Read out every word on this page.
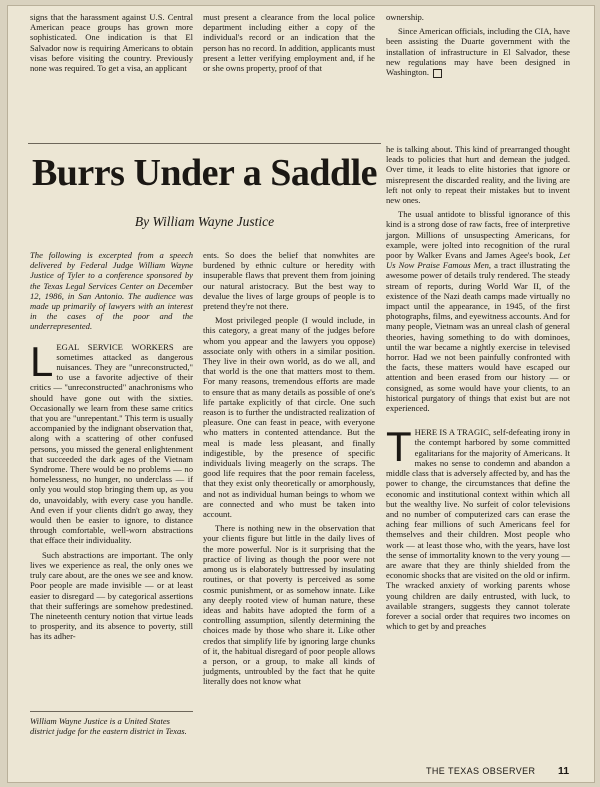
signs that the harassment against U.S. Central American peace groups has grown more sophisticated. One indication is that El Salvador now is requiring Americans to obtain visas before visiting the country. Previously none was required. To get a visa, an applicant

must present a clearance from the local police department including either a copy of the individual's record or an indication that the person has no record. In addition, applicants must present a letter verifying employment and, if he or she owns property, proof of that

ownership.

Since American officials, including the CIA, have been assisting the Duarte government with the installation of infrastructure in El Salvador, these new regulations may have been designed in Washington.

Burrs Under a Saddle
By William Wayne Justice

The following is excerpted from a speech delivered by Federal Judge William Wayne Justice of Tyler to a conference sponsored by the Texas Legal Services Center on December 12, 1986, in San Antonio. The audience was made up primarily of lawyers with an interest in the cases of the poor and the underrepresented.

LEGAL SERVICE WORKERS are sometimes attacked as dangerous nuisances. They are "unreconstructed," to use a favorite adjective of their critics — "unreconstructed" anachronisms who should have gone out with the sixties. Occasionally we learn from these same critics that you are "unrepentant." This term is usually accompanied by the indignant observation that, along with a scattering of other confused persons, you missed the general enlightenment that succeeded the dark ages of the Vietnam Syndrome. There would be no problems — no homelessness, no hunger, no underclass — if only you would stop bringing them up, as you do, unavoidably, with every case you handle. And even if your clients didn't go away, they would then be easier to ignore, to distance through comfortable, well-worn abstractions that efface their individuality.

Such abstractions are important. The only lives we experience as real, the only ones we truly care about, are the ones we see and know. Poor people are made invisible — or at least easier to disregard — by categorical assertions that their sufferings are somehow predestined. The nineteenth century notion that virtue leads to prosperity, and its absence to poverty, still has its adher-

ents. So does the belief that nonwhites are burdened by ethnic culture or heredity with insuperable flaws that prevent them from joining our natural aristocracy. But the best way to devalue the lives of large groups of people is to pretend they're not there.

Most privileged people (I would include, in this category, a great many of the judges before whom you appear and the lawyers you oppose) associate only with others in a similar position. They live in their own world, as do we all, and that world is the one that matters most to them. For many reasons, tremendous efforts are made to ensure that as many details as possible of one's life partake explicitly of that circle. One such reason is to further the undistracted realization of pleasure. One can feast in peace, with everyone who matters in contented attendance. But the meal is made less pleasant, and finally indigestible, by the presence of specific individuals living meagerly on the scraps. The good life requires that the poor remain faceless, that they exist only theoretically or amorphously, and not as individual human beings to whom we are connected and who must be taken into account.

There is nothing new in the observation that your clients figure but little in the daily lives of the more powerful. Nor is it surprising that the practice of living as though the poor were not among us is elaborately buttressed by insulating routines, or that poverty is perceived as some cosmic punishment, or as somehow innate. Like any deeply rooted view of human nature, these ideas and habits have adopted the form of a controlling assumption, silently determining the choices made by those who share it. Like other credos that simplify life by ignoring large chunks of it, the habitual disregard of poor people allows a person, or a group, to make all kinds of judgments, untroubled by the fact that he quite literally does not know what

he is talking about. This kind of prearranged thought leads to policies that hurt and demean the judged. Over time, it leads to elite histories that ignore or misrepresent the discarded reality, and the living are left not only to repeat their mistakes but to invent new ones.

The usual antidote to blissful ignorance of this kind is a strong dose of raw facts, free of interpretive jargon. Millions of unsuspecting Americans, for example, were jolted into recognition of the rural poor by Walker Evans and James Agee's book, Let Us Now Praise Famous Men, a tract illustrating the awesome power of details truly rendered. The steady stream of reports, during World War II, of the existence of the Nazi death camps made virtually no impact until the appearance, in 1945, of the first photographs, films, and eyewitness accounts. And for many people, Vietnam was an unreal clash of general theories, having something to do with dominoes, until the war became a nightly exercise in televised horror. Had we not been painfully confronted with the facts, these matters would have escaped our attention and been erased from our history — or consigned, as some would have your clients, to an historical purgatory of things that exist but are not experienced.

THERE IS A TRAGIC, self-defeating irony in the contempt harbored by some committed egalitarians for the majority of Americans. It makes no sense to condemn and abandon a middle class that is adversely affected by, and has the power to change, the circumstances that define the economic and institutional context within which all but the wealthy live. No surfeit of color televisions and no number of computerized cars can erase the aching fear millions of such Americans feel for themselves and their children. Most people who work — at least those who, with the years, have lost the sense of immortality known to the very young — are aware that they are thinly shielded from the economic shocks that are visited on the old or infirm. The wracked anxiety of working parents whose young children are daily entrusted, with luck, to available strangers, suggests they cannot tolerate forever a social order that requires two incomes on which to get by and preaches

William Wayne Justice is a United States district judge for the eastern district in Texas.
THE TEXAS OBSERVER 11
